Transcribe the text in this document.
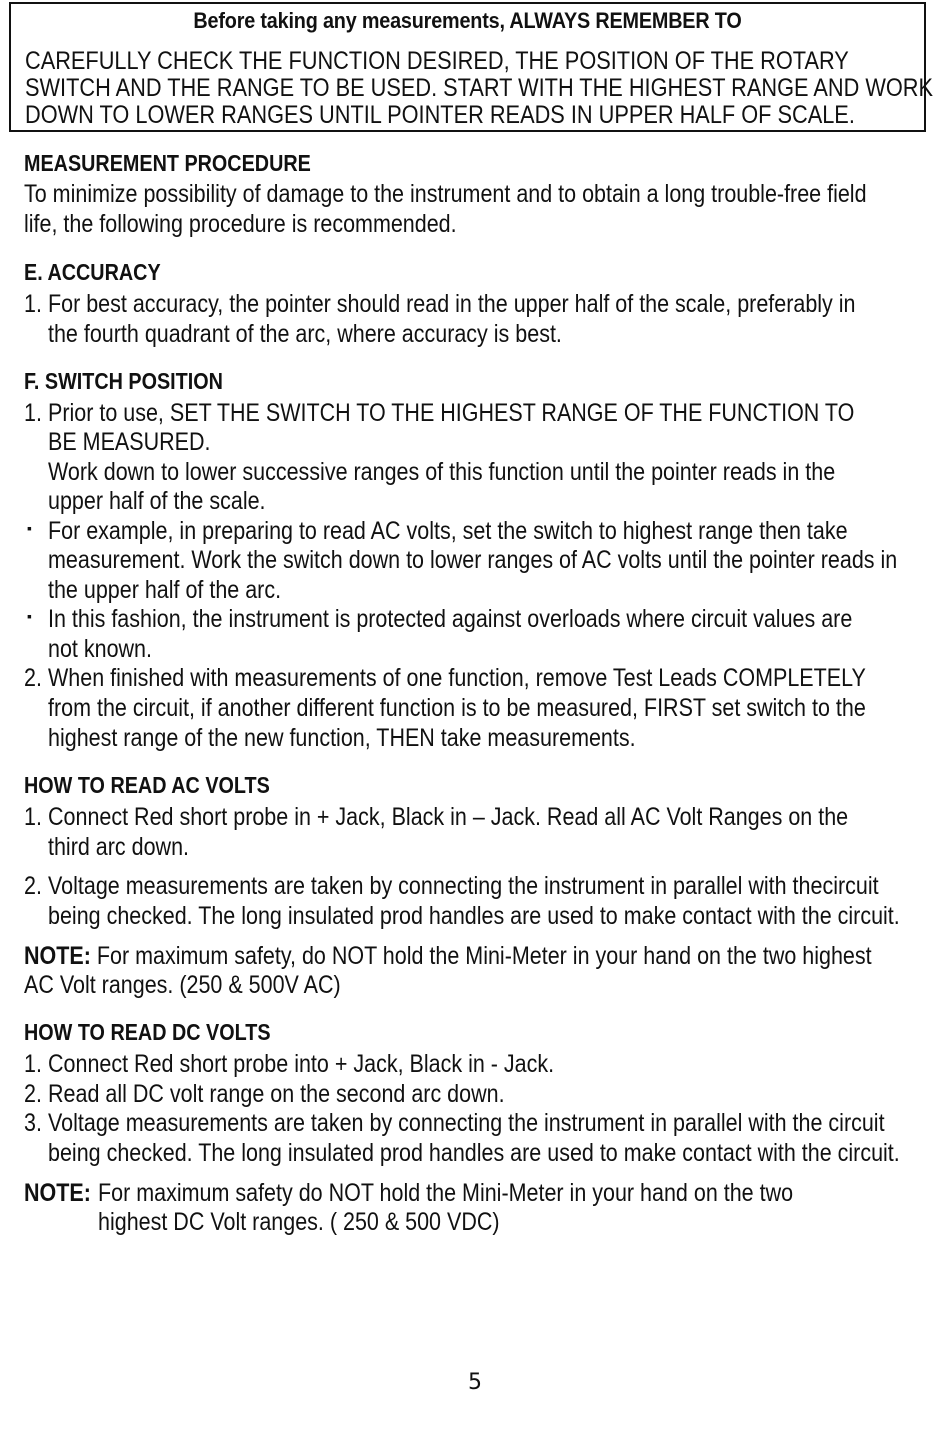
Before taking any measurements, ALWAYS REMEMBER TO
CAREFULLY CHECK THE FUNCTION DESIRED, THE POSITION OF THE ROTARY
SWITCH AND THE RANGE TO BE USED. START WITH THE HIGHEST RANGE AND WORK
DOWN TO LOWER RANGES UNTIL POINTER READS IN UPPER HALF OF SCALE.
MEASUREMENT PROCEDURE
To minimize possibility of damage to the instrument and to obtain a long trouble-free field
life, the following procedure is recommended.
E. ACCURACY
1. For best accuracy, the pointer should read in the upper half of the scale, preferably in
the fourth quadrant of the arc, where accuracy is best.
F. SWITCH POSITION
1. Prior to use, SET THE SWITCH TO THE HIGHEST RANGE OF THE FUNCTION TO
BE MEASURED.
Work down to lower successive ranges of this function until the pointer reads in the
upper half of the scale.
▪ For example, in preparing to read AC volts, set the switch to highest range then take
measurement. Work the switch down to lower ranges of AC volts until the pointer reads in
the upper half of the arc.
▪ In this fashion, the instrument is protected against overloads where circuit values are
not known.
2. When finished with measurements of one function, remove Test Leads COMPLETELY
from the circuit, if another different function is to be measured, FIRST set switch to the
highest range of the new function, THEN take measurements.
HOW TO READ AC VOLTS
1. Connect Red short probe in + Jack, Black in – Jack. Read all AC Volt Ranges on the
third arc down.
2. Voltage measurements are taken by connecting the instrument in parallel with thecircuit
being checked. The long insulated prod handles are used to make contact with the circuit.
NOTE: For maximum safety, do NOT hold the Mini-Meter in your hand on the two highest
AC Volt ranges. (250 & 500V AC)
HOW TO READ DC VOLTS
1. Connect Red short probe into + Jack, Black in - Jack.
2. Read all DC volt range on the second arc down.
3. Voltage measurements are taken by connecting the instrument in parallel with the circuit
being checked. The long insulated prod handles are used to make contact with the circuit.
NOTE: For maximum safety do NOT hold the Mini-Meter in your hand on the two
highest DC Volt ranges. ( 250 & 500 VDC)
5
